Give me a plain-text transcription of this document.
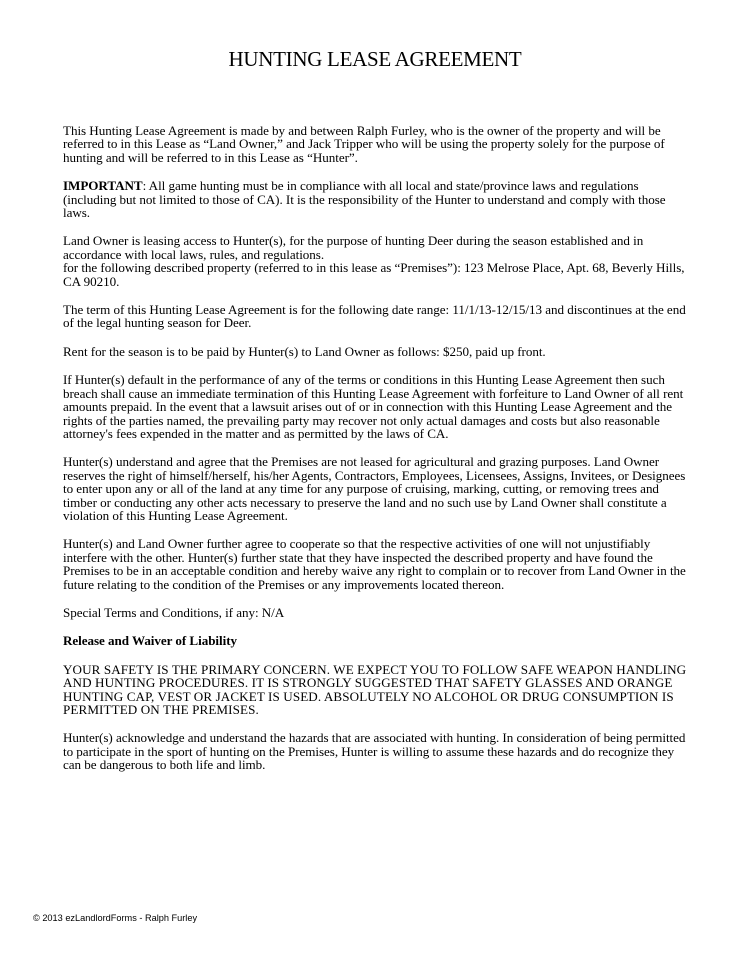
HUNTING LEASE AGREEMENT

This Hunting Lease Agreement is made by and between Ralph Furley, who is the owner of the property and will be referred to in this Lease as “Land Owner,” and Jack Tripper who will be using the property solely for the purpose of hunting and will be referred to in this Lease as “Hunter”.

IMPORTANT: All game hunting must be in compliance with all local and state/province laws and regulations (including but not limited to those of CA). It is the responsibility of the Hunter to understand and comply with those laws.

Land Owner is leasing access to Hunter(s), for the purpose of hunting Deer during the season established and in accordance with local laws, rules, and regulations.
for the following described property (referred to in this lease as “Premises”): 123 Melrose Place, Apt. 68, Beverly Hills, CA 90210.

The term of this Hunting Lease Agreement is for the following date range: 11/1/13-12/15/13 and discontinues at the end of the legal hunting season for Deer.

Rent for the season is to be paid by Hunter(s) to Land Owner as follows: $250, paid up front.

If Hunter(s) default in the performance of any of the terms or conditions in this Hunting Lease Agreement then such breach shall cause an immediate termination of this Hunting Lease Agreement with forfeiture to Land Owner of all rent amounts prepaid. In the event that a lawsuit arises out of or in connection with this Hunting Lease Agreement and the rights of the parties named, the prevailing party may recover not only actual damages and costs but also reasonable attorney's fees expended in the matter and as permitted by the laws of CA.

Hunter(s) understand and agree that the Premises are not leased for agricultural and grazing purposes. Land Owner reserves the right of himself/herself, his/her Agents, Contractors, Employees, Licensees, Assigns, Invitees, or Designees to enter upon any or all of the land at any time for any purpose of cruising, marking, cutting, or removing trees and timber or conducting any other acts necessary to preserve the land and no such use by Land Owner shall constitute a violation of this Hunting Lease Agreement.

Hunter(s) and Land Owner further agree to cooperate so that the respective activities of one will not unjustifiably interfere with the other. Hunter(s) further state that they have inspected the described property and have found the Premises to be in an acceptable condition and hereby waive any right to complain or to recover from Land Owner in the future relating to the condition of the Premises or any improvements located thereon.

Special Terms and Conditions, if any: N/A

Release and Waiver of Liability

YOUR SAFETY IS THE PRIMARY CONCERN. WE EXPECT YOU TO FOLLOW SAFE WEAPON HANDLING AND HUNTING PROCEDURES. IT IS STRONGLY SUGGESTED THAT SAFETY GLASSES AND ORANGE HUNTING CAP, VEST OR JACKET IS USED. ABSOLUTELY NO ALCOHOL OR DRUG CONSUMPTION IS PERMITTED ON THE PREMISES.

Hunter(s) acknowledge and understand the hazards that are associated with hunting. In consideration of being permitted to participate in the sport of hunting on the Premises, Hunter is willing to assume these hazards and do recognize they can be dangerous to both life and limb.

© 2013 ezLandlordForms - Ralph Furley
